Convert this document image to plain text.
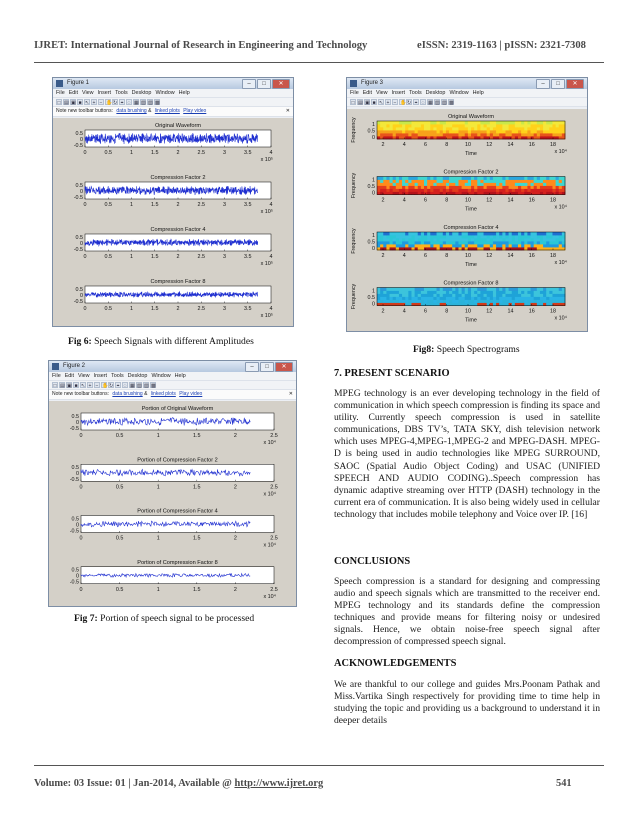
IJRET: International Journal of Research in Engineering and Technology	eISSN: 2319-1163 | pISSN: 2321-7308
Figure 1	–	□	✕
File Edit View Insert Tools Desktop Window Help
□ ▤ ▣ ■ ↖ + − ✋ ↻ ⌖ ◌ ▦ ▧ ▨ ▩
Note new toolbar buttons: data brushing & linked plots Play video	✕
Original Waveform
0.5
0
-0.5
0	0.5	1	1.5	2	2.5	3	3.5	4
x 10⁵
Compression Factor 2
0.5
0
-0.5
0	0.5	1	1.5	2	2.5	3	3.5	4
x 10⁵
Compression Factor 4
0.5
0
-0.5
0	0.5	1	1.5	2	2.5	3	3.5	4
x 10⁵
Compression Factor 8
0.5
0
-0.5
0	0.5	1	1.5	2	2.5	3	3.5	4
x 10⁵
Fig 6: Speech Signals with different Amplitudes
Figure 3	–	□	✕
File Edit View Insert Tools Desktop Window Help
□ ▤ ▣ ■ ↖ + − ✋ ↻ ⌖ ◌ ▦ ▧ ▨ ▩
Original Waveform
Frequency
Time
1
0.5
0
2	4	6	8	10	12	14	16	18
x 10⁴
Compression Factor 2
Frequency
Time
1
0.5
0
2	4	6	8	10	12	14	16	18
x 10⁴
Compression Factor 4
Frequency
Time
1
0.5
0
2	4	6	8	10	12	14	16	18
x 10⁴
Compression Factor 8
Frequency
Time
1
0.5
0
2	4	6	8	10	12	14	16	18
x 10⁴
Fig8: Speech Spectrograms
Figure 2	–	□	✕
File Edit View Insert Tools Desktop Window Help
□ ▤ ▣ ■ ↖ + − ✋ ↻ ⌖ ◌ ▦ ▧ ▨ ▩
Note new toolbar buttons: data brushing & linked plots Play video	✕
Portion of Original Waveform
0.5
0
-0.5
0	0.5	1	1.5	2	2.5
x 10⁴
Portion of Compression Factor 2
0.5
0
-0.5
0	0.5	1	1.5	2	2.5
x 10⁴
Portion of Compression Factor 4
0.5
0
-0.5
0	0.5	1	1.5	2	2.5
x 10⁴
Portion of Compression Factor 8
0.5
0
-0.5
0	0.5	1	1.5	2	2.5
x 10⁴
Fig 7: Portion of speech signal to be processed
7. PRESENT SCENARIO
MPEG technology is an ever developing technology in the field of communication in which speech compression is finding its space and utility. Currently speech compression is used in satellite communications, DBS TV’s, TATA SKY, dish television network which uses MPEG-4,MPEG-1,MPEG-2 and MPEG-DASH. MPEG-D is being used in audio technologies like MPEG SURROUND, SAOC (Spatial Audio Object Coding) and USAC (UNIFIED SPEECH AND AUDIO CODING)..Speech compression has dynamic adaptive streaming over HTTP (DASH) technology in the current era of communication. It is also being widely used in cellular technology that includes mobile telephony and Voice over IP. [16]
CONCLUSIONS
Speech compression is a standard for designing and compressing audio and speech signals which are transmitted to the receiver end. MPEG technology and its standards define the compression techniques and provide means for filtering noisy or undesired signals. Hence, we obtain noise-free speech signal after decompression of compressed speech signal.
ACKNOWLEDGEMENTS
We are thankful to our college and guides Mrs.Poonam Pathak and Miss.Vartika Singh respectively for providing time to time help in studying the topic and providing us a background to understand it in deeper details
Volume: 03 Issue: 01 | Jan-2014, Available @ http://www.ijret.org	541
